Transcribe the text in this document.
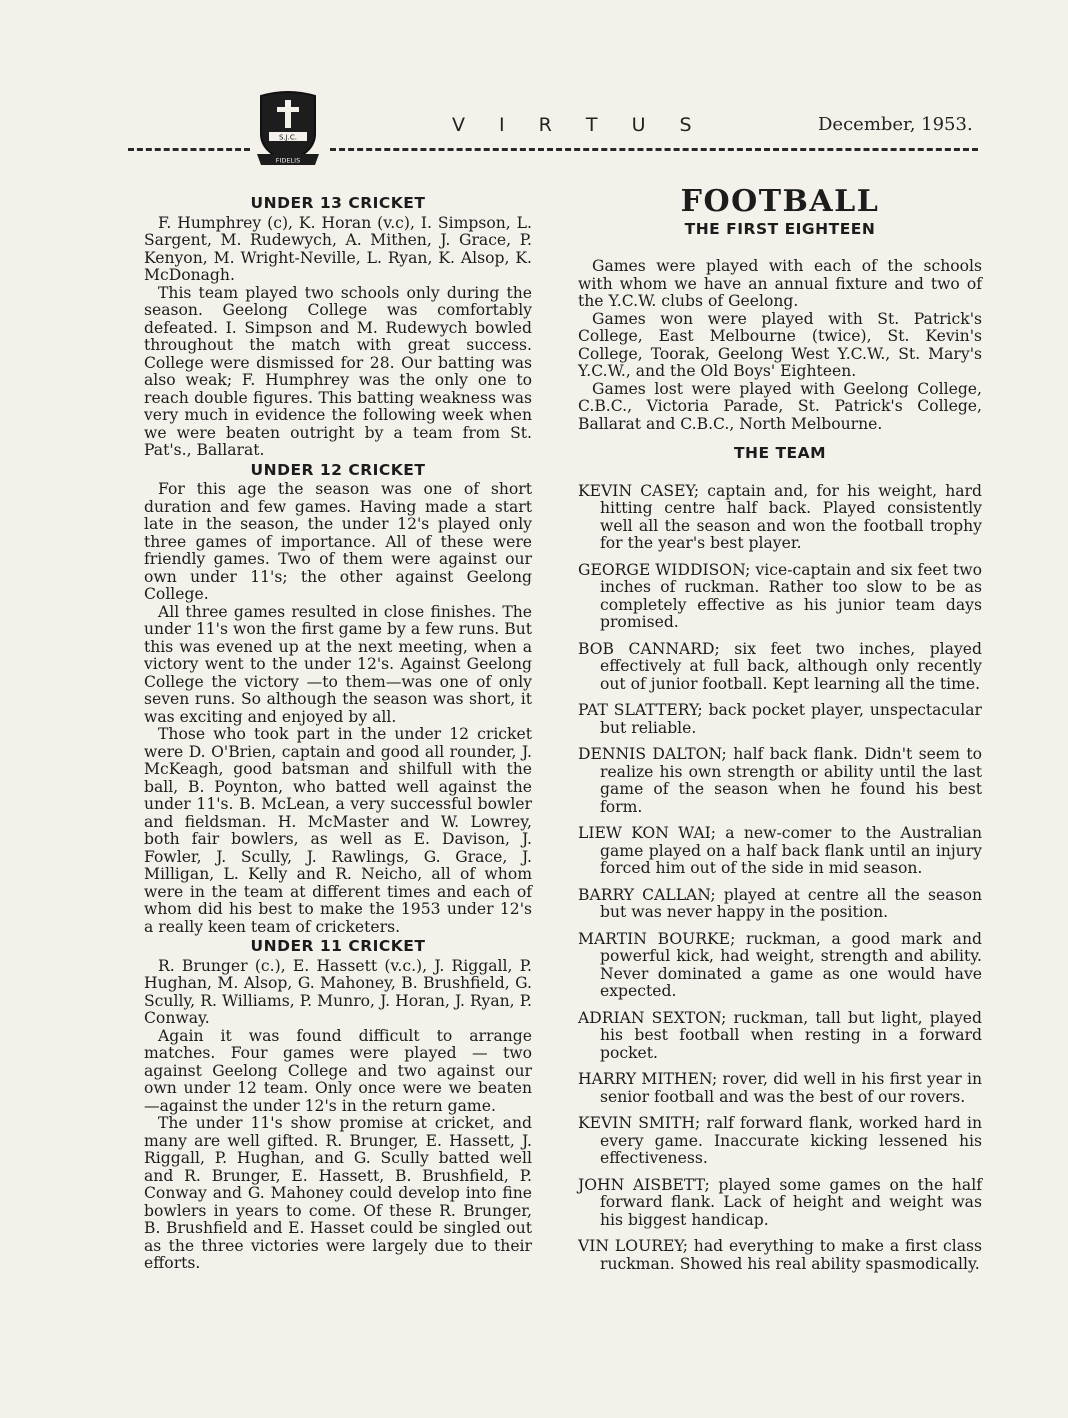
S.J.C.
FIDELIS
V I R T U S	December, 1953.
UNDER 13 CRICKET

F. Humphrey (c), K. Horan (v.c), I. Simpson, L. Sargent, M. Rudewych, A. Mithen, J. Grace, P. Kenyon, M. Wright-Neville, L. Ryan, K. Alsop, K. McDonagh.

This team played two schools only during the season. Geelong College was comfortably defeated. I. Simpson and M. Rudewych bowled throughout the match with great success. College were dismissed for 28. Our batting was also weak; F. Humphrey was the only one to reach double figures. This batting weakness was very much in evidence the following week when we were beaten outright by a team from St. Pat's., Ballarat.

UNDER 12 CRICKET

For this age the season was one of short duration and few games. Having made a start late in the season, the under 12's played only three games of importance. All of these were friendly games. Two of them were against our own under 11's; the other against Geelong College.

All three games resulted in close finishes. The under 11's won the first game by a few runs. But this was evened up at the next meeting, when a victory went to the under 12's. Against Geelong College the victory —to them—was one of only seven runs. So although the season was short, it was exciting and enjoyed by all.

Those who took part in the under 12 cricket were D. O'Brien, captain and good all rounder, J. McKeagh, good batsman and shilfull with the ball, B. Poynton, who batted well against the under 11's. B. McLean, a very successful bowler and fieldsman. H. McMaster and W. Lowrey, both fair bowlers, as well as E. Davison, J. Fowler, J. Scully, J. Rawlings, G. Grace, J. Milligan, L. Kelly and R. Neicho, all of whom were in the team at different times and each of whom did his best to make the 1953 under 12's a really keen team of cricketers.

UNDER 11 CRICKET

R. Brunger (c.), E. Hassett (v.c.), J. Riggall, P. Hughan, M. Alsop, G. Mahoney, B. Brushfield, G. Scully, R. Williams, P. Munro, J. Horan, J. Ryan, P. Conway.

Again it was found difficult to arrange matches. Four games were played — two against Geelong College and two against our own under 12 team. Only once were we beaten—against the under 12's in the return game.

The under 11's show promise at cricket, and many are well gifted. R. Brunger, E. Hassett, J. Riggall, P. Hughan, and G. Scully batted well and R. Brunger, E. Hassett, B. Brushfield, P. Conway and G. Mahoney could develop into fine bowlers in years to come. Of these R. Brunger, B. Brushfield and E. Hasset could be singled out as the three victories were largely due to their efforts.

FOOTBALL
THE FIRST EIGHTEEN

Games were played with each of the schools with whom we have an annual fixture and two of the Y.C.W. clubs of Geelong.

Games won were played with St. Patrick's College, East Melbourne (twice), St. Kevin's College, Toorak, Geelong West Y.C.W., St. Mary's Y.C.W., and the Old Boys' Eighteen.

Games lost were played with Geelong College, C.B.C., Victoria Parade, St. Patrick's College, Ballarat and C.B.C., North Melbourne.

THE TEAM

KEVIN CASEY; captain and, for his weight, hard hitting centre half back. Played consistently well all the season and won the football trophy for the year's best player.

GEORGE WIDDISON; vice-captain and six feet two inches of ruckman. Rather too slow to be as completely effective as his junior team days promised.

BOB CANNARD; six feet two inches, played effectively at full back, although only recently out of junior football. Kept learning all the time.

PAT SLATTERY; back pocket player, unspectacular but reliable.

DENNIS DALTON; half back flank. Didn't seem to realize his own strength or ability until the last game of the season when he found his best form.

LIEW KON WAI; a new-comer to the Australian game played on a half back flank until an injury forced him out of the side in mid season.

BARRY CALLAN; played at centre all the season but was never happy in the position.

MARTIN BOURKE; ruckman, a good mark and powerful kick, had weight, strength and ability. Never dominated a game as one would have expected.

ADRIAN SEXTON; ruckman, tall but light, played his best football when resting in a forward pocket.

HARRY MITHEN; rover, did well in his first year in senior football and was the best of our rovers.

KEVIN SMITH; ralf forward flank, worked hard in every game. Inaccurate kicking lessened his effectiveness.

JOHN AISBETT; played some games on the half forward flank. Lack of height and weight was his biggest handicap.

VIN LOUREY; had everything to make a first class ruckman. Showed his real ability spasmodically.
